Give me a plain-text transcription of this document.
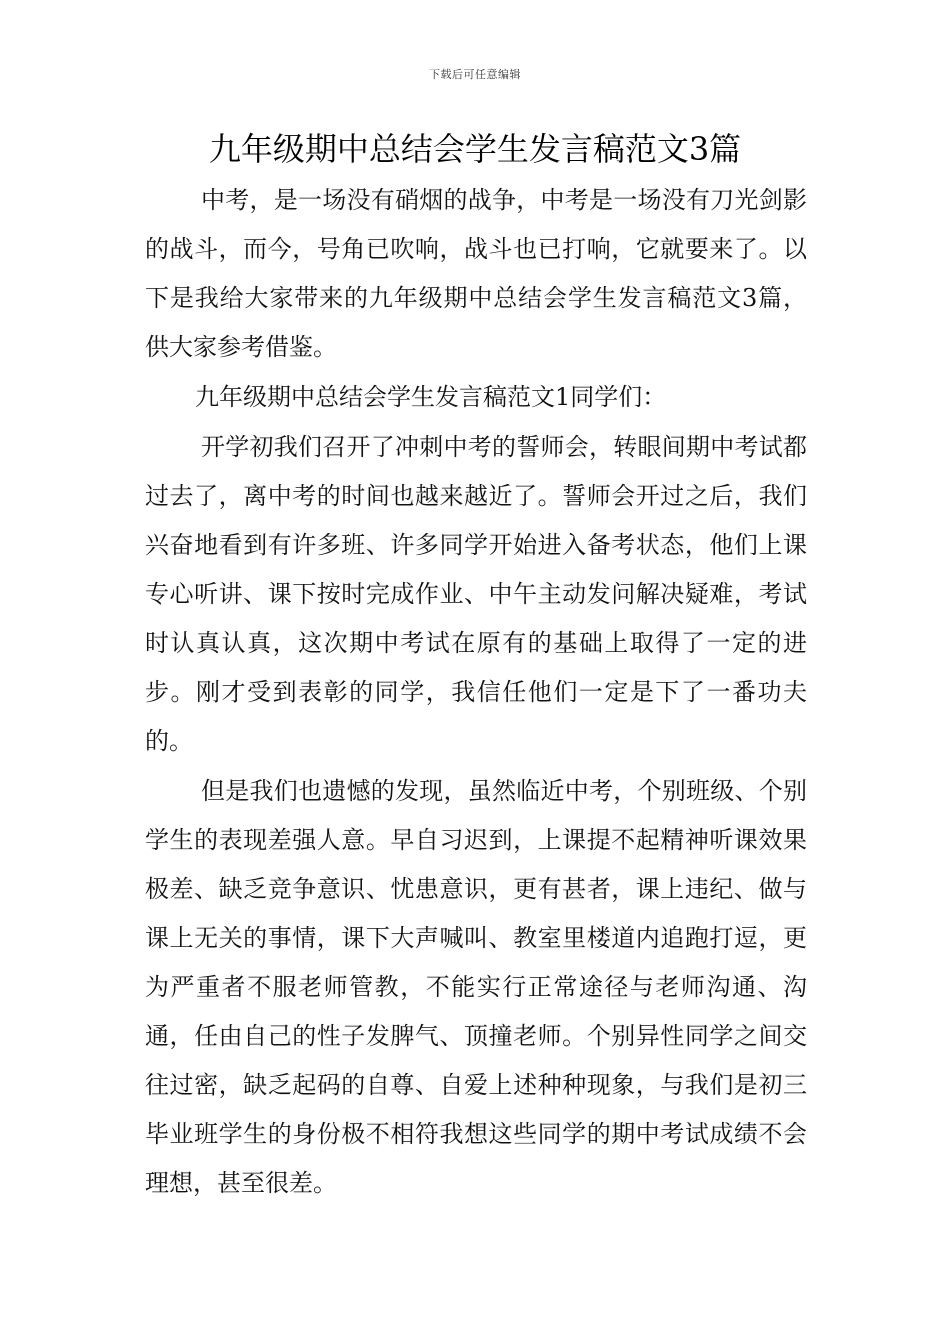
下载后可任意编辑
九年级期中总结会学生发言稿范文3篇

中考，是一场没有硝烟的战争，中考是一场没有刀光剑影的战斗，而今，号角已吹响，战斗也已打响，它就要来了。以下是我给大家带来的九年级期中总结会学生发言稿范文3篇，供大家参考借鉴。

九年级期中总结会学生发言稿范文1同学们：

开学初我们召开了冲刺中考的誓师会，转眼间期中考试都过去了，离中考的时间也越来越近了。誓师会开过之后，我们兴奋地看到有许多班、许多同学开始进入备考状态，他们上课专心听讲、课下按时完成作业、中午主动发问解决疑难，考试时认真认真，这次期中考试在原有的基础上取得了一定的进步。刚才受到表彰的同学，我信任他们一定是下了一番功夫的。

但是我们也遗憾的发现，虽然临近中考，个别班级、个别学生的表现差强人意。早自习迟到，上课提不起精神听课效果极差、缺乏竞争意识、忧患意识，更有甚者，课上违纪、做与课上无关的事情，课下大声喊叫、教室里楼道内追跑打逗，更为严重者不服老师管教，不能实行正常途径与老师沟通、沟通，任由自己的性子发脾气、顶撞老师。个别异性同学之间交往过密，缺乏起码的自尊、自爱上述种种现象，与我们是初三毕业班学生的身份极不相符我想这些同学的期中考试成绩不会理想，甚至很差。
